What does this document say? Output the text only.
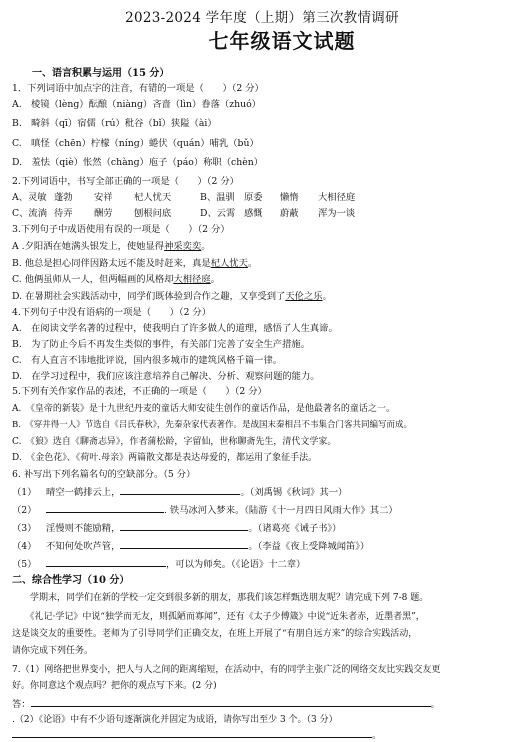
2023-2024 学年度（上期）第三次教情调研
七年级语文试题
一、语言积累与运用（15 分）
1．下列词语中加点字的注音，有错的一项是（　　）（2 分）
A.　棱镜（lènɡ）酝酿（niànɡ）吝啬（lìn）眷落（zhuó）
B.　畸斜（qī）宿儒（rú）秕谷（bǐ）狭隘（ài）
C.　嗔怪（chēn）柠檬（nínɡ）蜷伏（quán）哺乳（bǔ）
D.　羞怯（qiè）怅然（chànɡ）庖子（páo）称职（chèn）
2.下列词语中，书写全部正确的一项是（　　）（2 分）
A、灵敏 蓬勃 安祥 杞人忧天	B、温驯 原委 懒惰 大相径庭
C、流淌 待弄 酬劳 刨根问底	D、云霄 感慨 蔚蔽 浑为一谈
3.下列句子中成语使用有误的一项是（　　）（2 分）
A .夕阳洒在她满头银发上，使她显得神采奕奕。
B. 他总是担心同伴因路太远不能及时赶来，真是杞人忧天。
C. 他俩虽师从一人，但两幅画的风格却大相径庭。
D. 在暑期社会实践活动中，同学们既体验到合作之趣，又享受到了天伦之乐。
4.下列句子中没有语病的一项是（　　）（2 分）
A.　在阅读文学名著的过程中，使我明白了许多做人的道理，感悟了人生真谛。
B.　为了防止今后不再发生类似的事件，有关部门完善了安全生产措施。
C.　有人直言不讳地批评说，国内很多城市的建筑风格千篇一律。
D.　在学习过程中，我们应该注意培养自己解决、分析、观察问题的能力。
5.下列有关作家作品的表述，不正确的一项是（　　）（2 分）
A.　《皇帝的新装》是十九世纪丹麦的童话大师安徒生创作的童话作品，是他最著名的童话之一。
B.　《穿井得一人》节选自《吕氏春秋》，先秦杂家代表著作。是战国末秦相吕不韦集合门客共同编写而成。
C.　《狼》选自《聊斋志异》，作者蒲松龄，字留仙，世称聊斋先生，清代文学家。
D.　《金色花》、《荷叶.母亲》两篇散文都是表达母爱的，都运用了象征手法。
6. 补写出下列名篇名句的空缺部分。（5 分）
（1） 晴空一鹤排云上，	。（刘禹锡《秋词》其一）
（2）	. 铁马冰河入梦来。（陆游《十一月四日风雨大作》其二）
（3） 淫慢则不能励精，	。（诸葛亮《诫子书》）
（4） 不知何处吹芦管，	。（李益《夜上受降城闻笛》）
（5）	，可以为师矣。（《论语》十二章）
二、综合性学习（10 分）
　　学期末，同学们在新的学校一定交到很多新的朋友，那我们该怎样甄选朋友呢？请完成下列 7-8 题。
　　《礼记·学记》中说“独学而无友，则孤陋而寡闻”，还有《太子少傅箴》中说“近朱者赤，近墨者黑”，
这是谈交友的重要性。老师为了引导同学们正确交友，在班上开展了“有朋自远方来”的综合实践活动，
请你完成下列任务。
7.（1）网络把世界变小，把人与人之间的距离缩短，在活动中，有的同学主张广泛的网络交友比实践交友更
好。你同意这个观点吗？把你的观点写下来。(2 分)
答：	。
.（2）《论语》中有不少语句逐渐演化并固定为成语，请你写出至少 3 个。（3 分）
。
